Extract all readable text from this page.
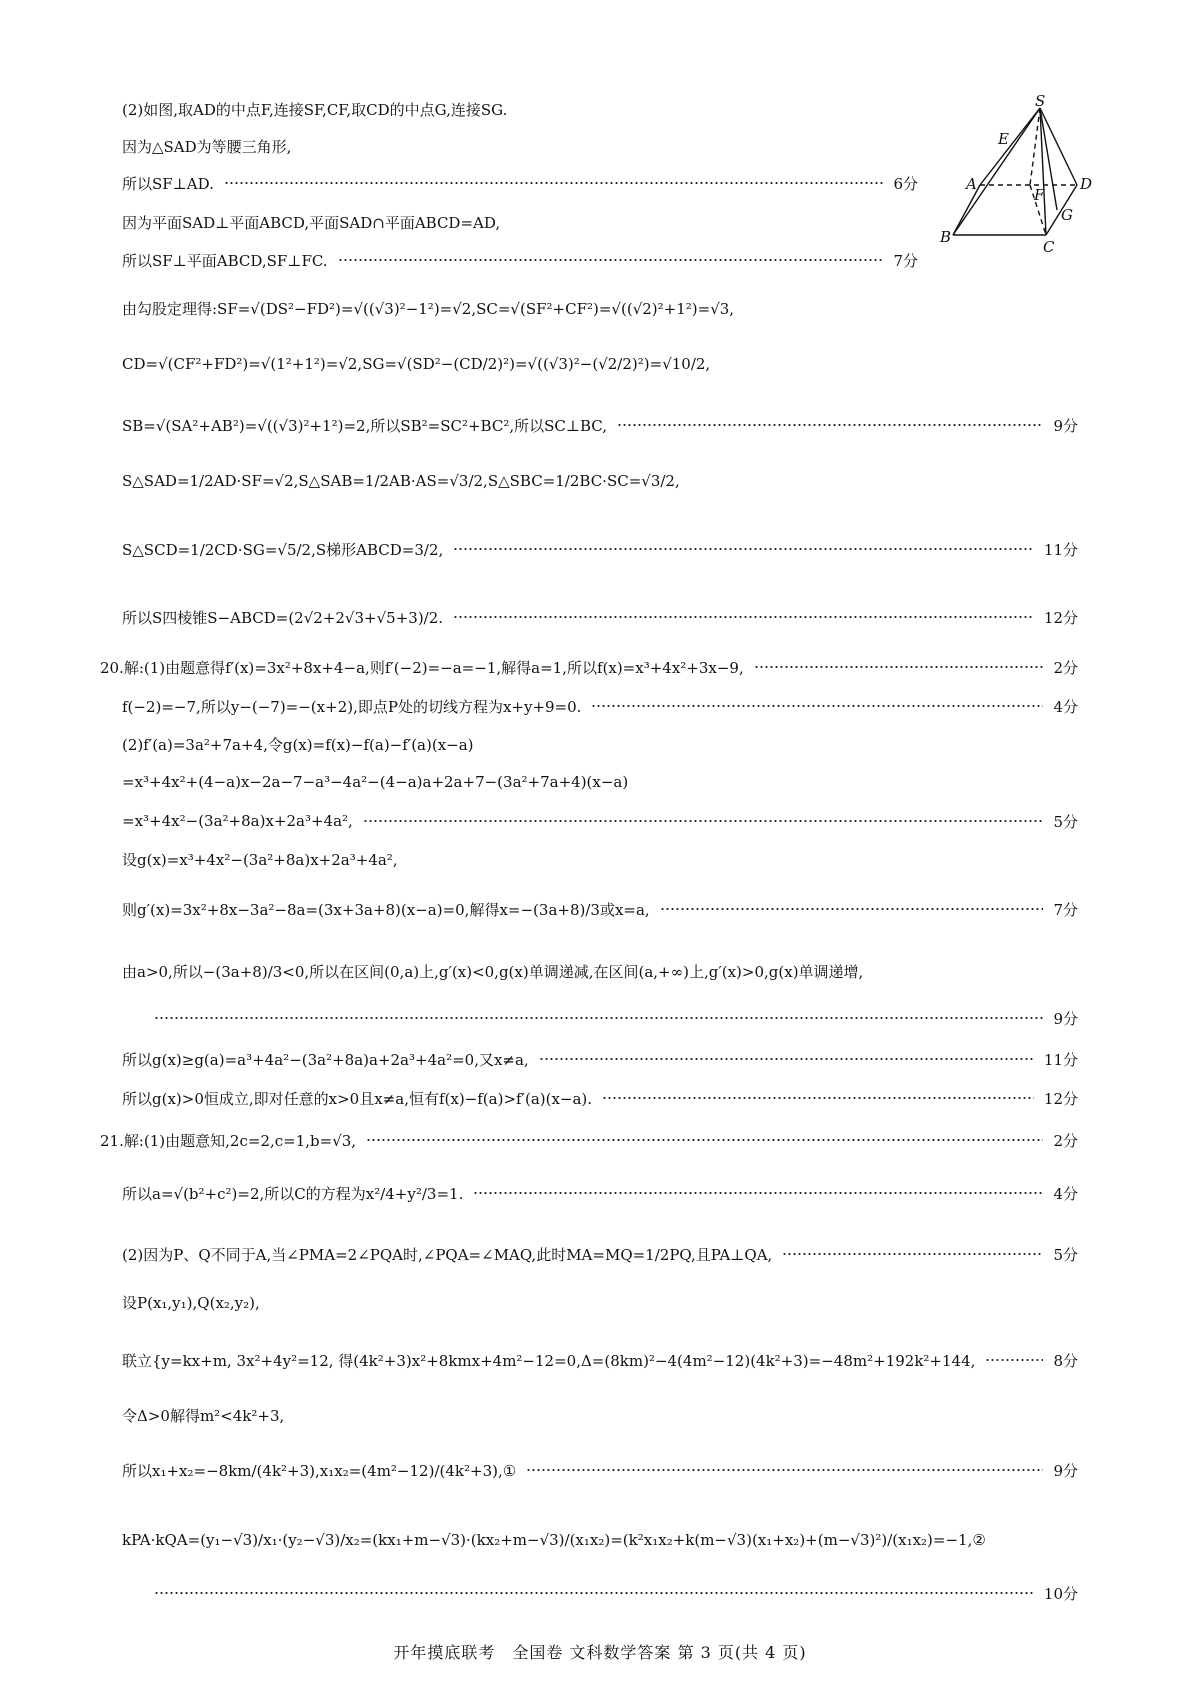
(2)如图,取AD的中点F,连接SF,CF,取CD的中点G,连接SG.
因为△SAD为等腰三角形,
所以SF⊥AD.	6分
因为平面SAD⊥平面ABCD,平面SAD∩平面ABCD=AD,
所以SF⊥平面ABCD,SF⊥FC.	7分
由勾股定理得:SF=√(DS²−FD²)=√((√3)²−1²)=√2,SC=√(SF²+CF²)=√((√2)²+1²)=√3,
CD=√(CF²+FD²)=√(1²+1²)=√2,SG=√(SD²−(CD/2)²)=√((√3)²−(√2/2)²)=√10/2,
SB=√(SA²+AB²)=√((√3)²+1²)=2,所以SB²=SC²+BC²,所以SC⊥BC,	9分
S△SAD=1/2AD·SF=√2,S△SAB=1/2AB·AS=√3/2,S△SBC=1/2BC·SC=√3/2,
S△SCD=1/2CD·SG=√5/2,S梯形ABCD=3/2,	11分
所以S四棱锥S−ABCD=(2√2+2√3+√5+3)/2.	12分
20.解:(1)由题意得f′(x)=3x²+8x+4−a,则f′(−2)=−a=−1,解得a=1,所以f(x)=x³+4x²+3x−9,	2分
f(−2)=−7,所以y−(−7)=−(x+2),即点P处的切线方程为x+y+9=0.	4分
(2)f′(a)=3a²+7a+4,令g(x)=f(x)−f(a)−f′(a)(x−a)
=x³+4x²+(4−a)x−2a−7−a³−4a²−(4−a)a+2a+7−(3a²+7a+4)(x−a)
=x³+4x²−(3a²+8a)x+2a³+4a²,	5分
设g(x)=x³+4x²−(3a²+8a)x+2a³+4a²,
则g′(x)=3x²+8x−3a²−8a=(3x+3a+8)(x−a)=0,解得x=−(3a+8)/3或x=a,	7分
由a>0,所以−(3a+8)/3<0,所以在区间(0,a)上,g′(x)<0,g(x)单调递减,在区间(a,+∞)上,g′(x)>0,g(x)单调递增,
9分
所以g(x)≥g(a)=a³+4a²−(3a²+8a)a+2a³+4a²=0,又x≠a,	11分
所以g(x)>0恒成立,即对任意的x>0且x≠a,恒有f(x)−f(a)>f′(a)(x−a).	12分
21.解:(1)由题意知,2c=2,c=1,b=√3,	2分
所以a=√(b²+c²)=2,所以C的方程为x²/4+y²/3=1.	4分
(2)因为P、Q不同于A,当∠PMA=2∠PQA时,∠PQA=∠MAQ,此时MA=MQ=1/2PQ,且PA⊥QA,	5分
设P(x₁,y₁),Q(x₂,y₂),
联立{y=kx+m, 3x²+4y²=12, 得(4k²+3)x²+8kmx+4m²−12=0,Δ=(8km)²−4(4m²−12)(4k²+3)=−48m²+192k²+144,	8分
令Δ>0解得m²<4k²+3,
所以x₁+x₂=−8km/(4k²+3),x₁x₂=(4m²−12)/(4k²+3),①	9分
kPA·kQA=(y₁−√3)/x₁·(y₂−√3)/x₂=(kx₁+m−√3)·(kx₂+m−√3)/(x₁x₂)=(k²x₁x₂+k(m−√3)(x₁+x₂)+(m−√3)²)/(x₁x₂)=−1,②
10分
S
E
A
F
D
G
B
C
开年摸底联考　全国卷 文科数学答案 第 3 页(共 4 页)
